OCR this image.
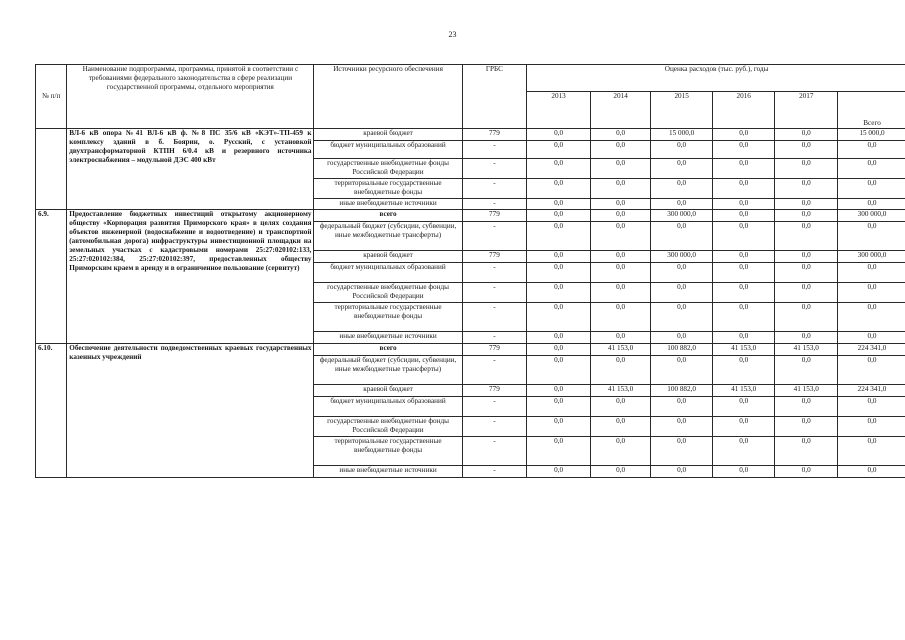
23
№ п/п	Наименование подпрограммы, программы, принятой в соответствии с требованиями федерального законодательства в сфере реализации государственной программы, отдельного мероприятия	Источники ресурсного обеспечения	ГРБС	Оценка расходов (тыс. руб.), годы					
				2013	2014	2015	2016	2017	Всего
	ВЛ-6 кВ опора №41 ВЛ-6 кВ ф. №8 ПС 35/6 кВ «КЭТ»-ТП-459 к комплексу зданий в б. Боярин, о. Русский, с установкой двухтрансформаторной КТПН 6/0.4 кВ и резервного источника электроснабжения – модульной ДЭС 400 кВт	краевой бюджет	779	0,0	0,0	15 000,0	0,0	0,0	15 000,0
		бюджет муниципальных образований	-	0,0	0,0	0,0	0,0	0,0	0,0
		государственные внебюджетные фонды Российской Федерации	-	0,0	0,0	0,0	0,0	0,0	0,0
		территориальные государственные внебюджетные фонды	-	0,0	0,0	0,0	0,0	0,0	0,0
		иные внебюджетные источники	-	0,0	0,0	0,0	0,0	0,0	0,0
6.9.	Предоставление бюджетных инвестиций открытому акционерному обществу «Корпорация развития Приморского края» в целях создания объектов инженерной (водоснабжение и водоотведение) и транспортной (автомобильная дорога) инфраструктуры инвестиционной площадки на земельных участках с кадастровыми номерами 25:27:020102:133, 25:27:020102:384, 25:27:020102:397, предоставленных обществу Приморским краем в аренду и в ограниченное пользование (сервитут)	всего	779	0,0	0,0	300 000,0	0,0	0,0	300 000,0
		федеральный бюджет (субсидии, субвенции, иные межбюджетные трансферты)	-	0,0	0,0	0,0	0,0	0,0	0,0
		краевой бюджет	779	0,0	0,0	300 000,0	0,0	0,0	300 000,0
		бюджет муниципальных образований	-	0,0	0,0	0,0	0,0	0,0	0,0
		государственные внебюджетные фонды Российской Федерации	-	0,0	0,0	0,0	0,0	0,0	0,0
		территориальные государственные внебюджетные фонды	-	0,0	0,0	0,0	0,0	0,0	0,0
		иные внебюджетные источники	-	0,0	0,0	0,0	0,0	0,0	0,0
6.10.	Обеспечение деятельности подведомственных краевых государственных казенных учреждений	всего	779	0,0	41 153,0	100 882,0	41 153,0	41 153,0	224 341,0
		федеральный бюджет (субсидии, субвенции, иные межбюджетные трансферты)	-	0,0	0,0	0,0	0,0	0,0	0,0
		краевой бюджет	779	0,0	41 153,0	100 882,0	41 153,0	41 153,0	224 341,0
		бюджет муниципальных образований	-	0,0	0,0	0,0	0,0	0,0	0,0
		государственные внебюджетные фонды Российской Федерации	-	0,0	0,0	0,0	0,0	0,0	0,0
		территориальные государственные внебюджетные фонды	-	0,0	0,0	0,0	0,0	0,0	0,0
		иные внебюджетные источники	-	0,0	0,0	0,0	0,0	0,0	0,0
